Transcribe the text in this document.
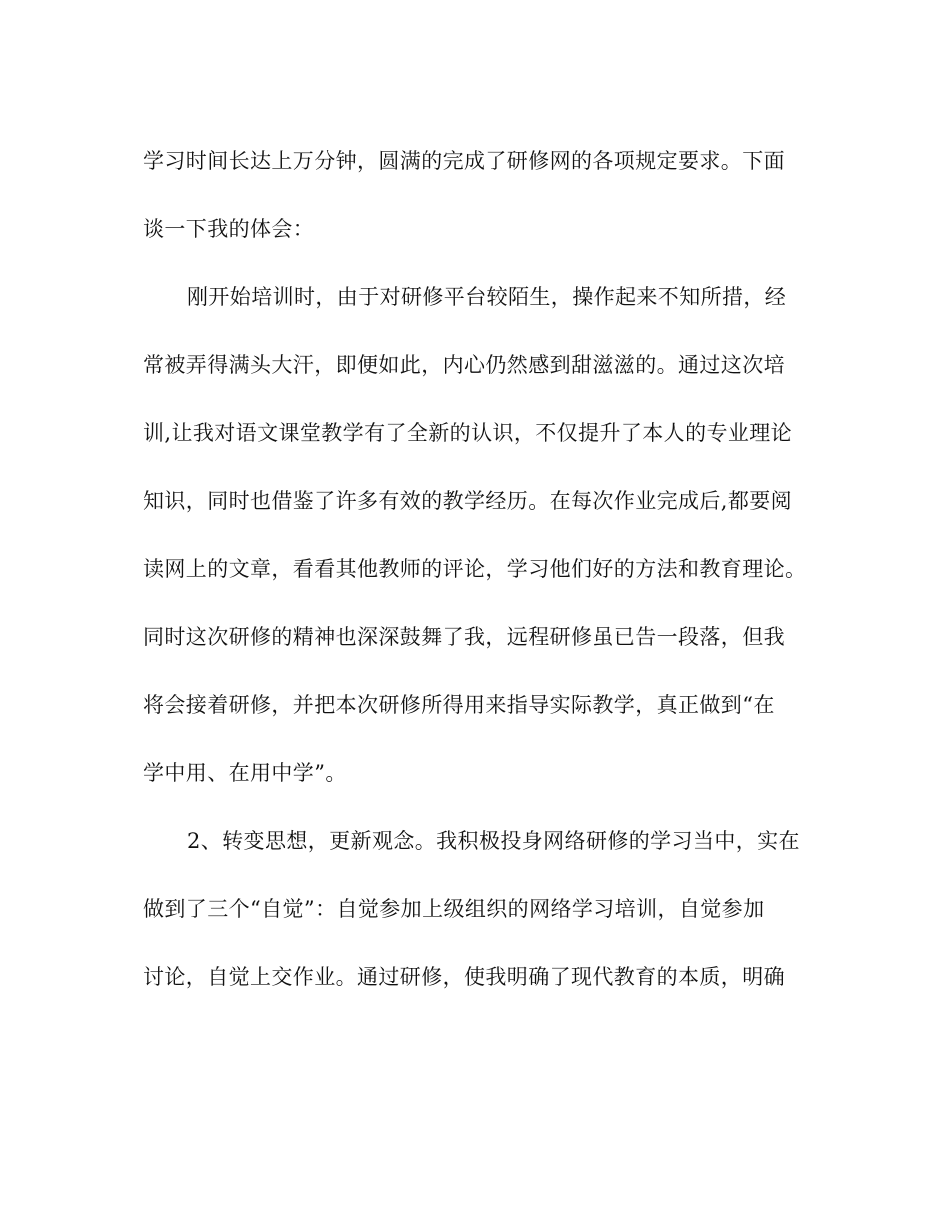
学习时间长达上万分钟，圆满的完成了研修网的各项规定要求。下面
谈一下我的体会：
刚开始培训时，由于对研修平台较陌生，操作起来不知所措，经
常被弄得满头大汗，即便如此，内心仍然感到甜滋滋的。通过这次培
训,让我对语文课堂教学有了全新的认识，不仅提升了本人的专业理论
知识，同时也借鉴了许多有效的教学经历。在每次作业完成后,都要阅
读网上的文章，看看其他教师的评论，学习他们好的方法和教育理论。
同时这次研修的精神也深深鼓舞了我，远程研修虽已告一段落，但我
将会接着研修，并把本次研修所得用来指导实际教学，真正做到“在
学中用、在用中学”。
2、转变思想，更新观念。我积极投身网络研修的学习当中，实在
做到了三个“自觉”：自觉参加上级组织的网络学习培训，自觉参加
讨论，自觉上交作业。通过研修，使我明确了现代教育的本质，明确
